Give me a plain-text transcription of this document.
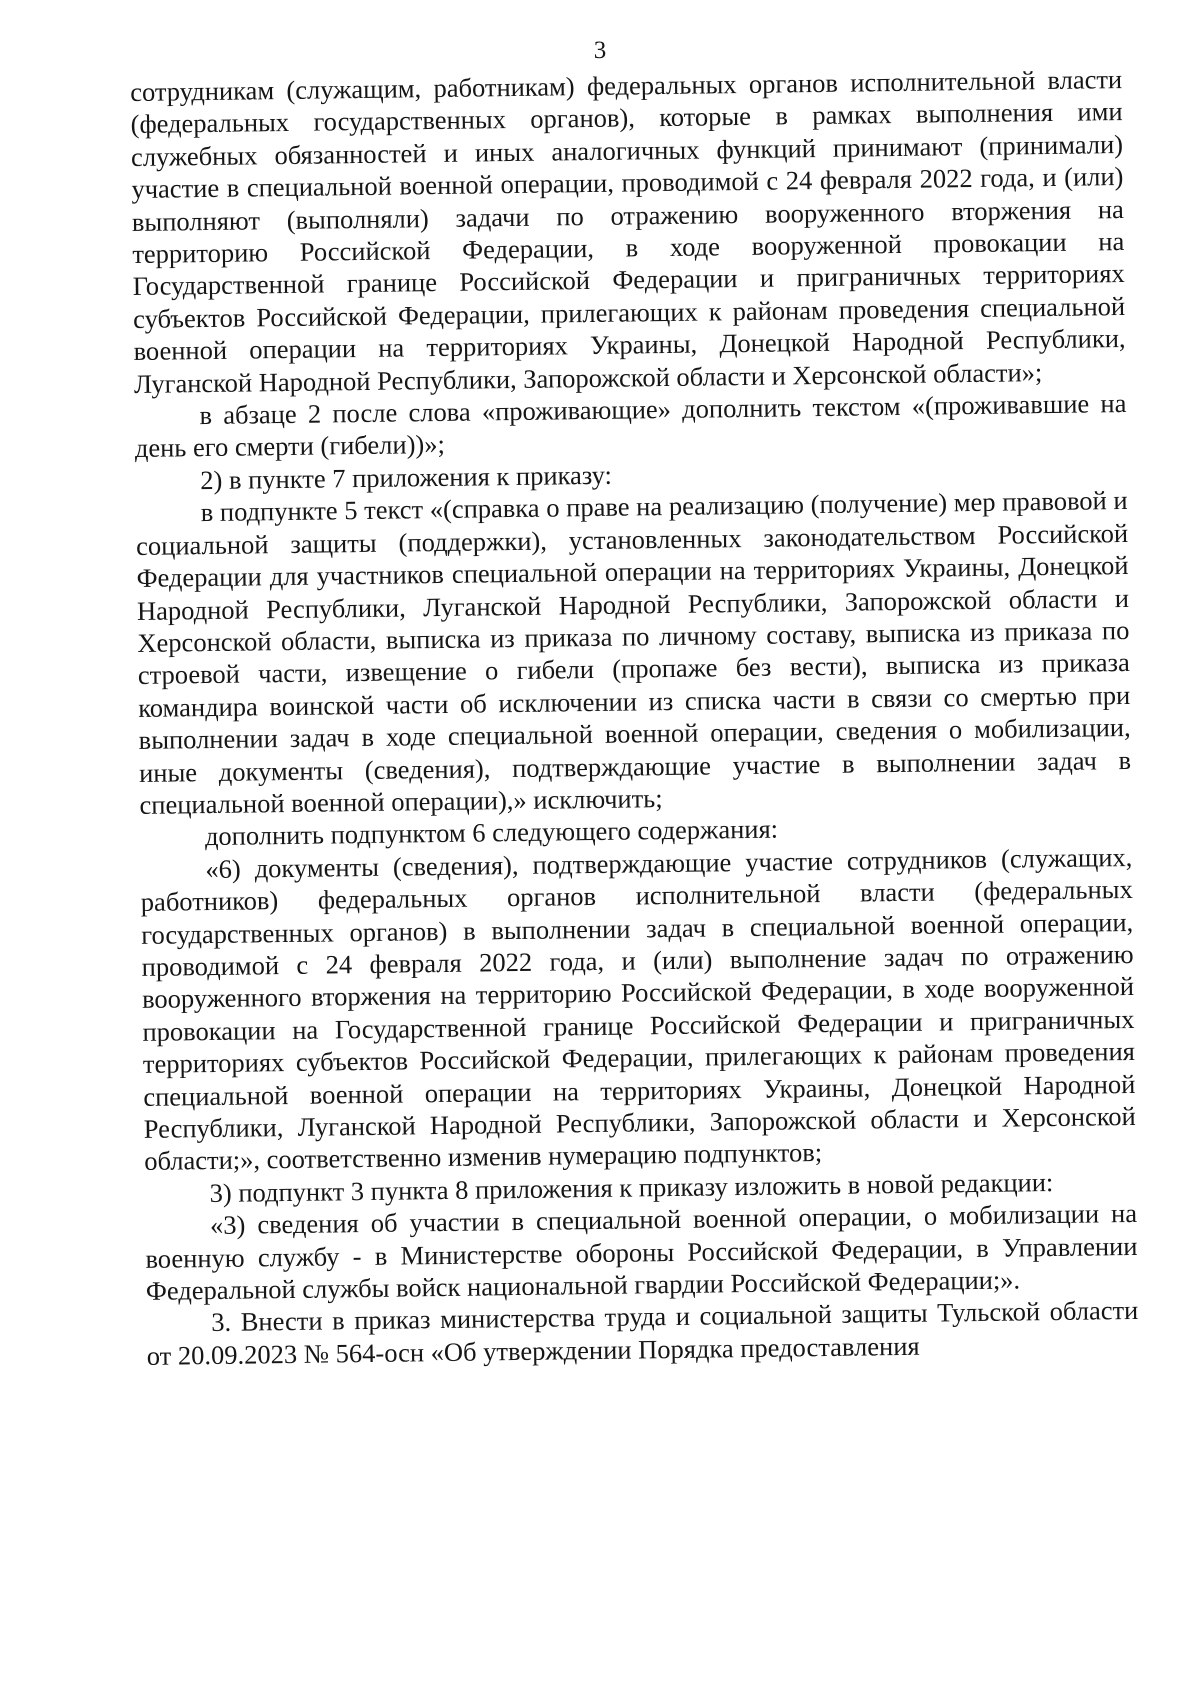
3

сотрудникам (служащим, работникам) федеральных органов исполнительной власти (федеральных государственных органов), которые в рамках выполнения ими служебных обязанностей и иных аналогичных функций принимают (принимали) участие в специальной военной операции, проводимой с 24 февраля 2022 года, и (или) выполняют (выполняли) задачи по отражению вооруженного вторжения на территорию Российской Федерации, в ходе вооруженной провокации на Государственной границе Российской Федерации и приграничных территориях субъектов Российской Федерации, прилегающих к районам проведения специальной военной операции на территориях Украины, Донецкой Народной Республики, Луганской Народной Республики, Запорожской области и Херсонской области»;

в абзаце 2 после слова «проживающие» дополнить текстом «(проживавшие на день его смерти (гибели))»;

2) в пункте 7 приложения к приказу:

в подпункте 5 текст «(справка о праве на реализацию (получение) мер правовой и социальной защиты (поддержки), установленных законодательством Российской Федерации для участников специальной операции на территориях Украины, Донецкой Народной Республики, Луганской Народной Республики, Запорожской области и Херсонской области, выписка из приказа по личному составу, выписка из приказа по строевой части, извещение о гибели (пропаже без вести), выписка из приказа командира воинской части об исключении из списка части в связи со смертью при выполнении задач в ходе специальной военной операции, сведения о мобилизации, иные документы (сведения), подтверждающие участие в выполнении задач в специальной военной операции),» исключить;

дополнить подпунктом 6 следующего содержания:

«6) документы (сведения), подтверждающие участие сотрудников (служащих, работников) федеральных органов исполнительной власти (федеральных государственных органов) в выполнении задач в специальной военной операции, проводимой с 24 февраля 2022 года, и (или) выполнение задач по отражению вооруженного вторжения на территорию Российской Федерации, в ходе вооруженной провокации на Государственной границе Российской Федерации и приграничных территориях субъектов Российской Федерации, прилегающих к районам проведения специальной военной операции на территориях Украины, Донецкой Народной Республики, Луганской Народной Республики, Запорожской области и Херсонской области;», соответственно изменив нумерацию подпунктов;

3) подпункт 3 пункта 8 приложения к приказу изложить в новой редакции:

«3) сведения об участии в специальной военной операции, о мобилизации на военную службу - в Министерстве обороны Российской Федерации, в Управлении Федеральной службы войск национальной гвардии Российской Федерации;».

3. Внести в приказ министерства труда и социальной защиты Тульской области от 20.09.2023 № 564-осн «Об утверждении Порядка предоставления
